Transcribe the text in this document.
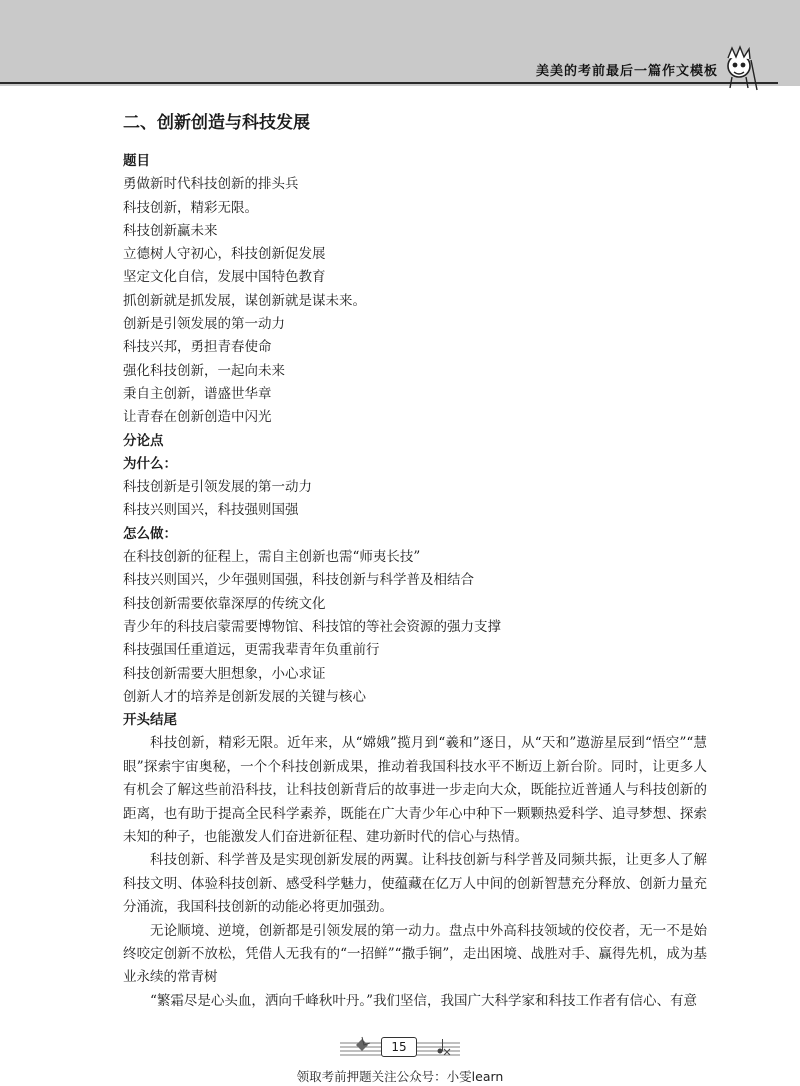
美美的考前最后一篇作文模板
二、创新创造与科技发展
题目
勇做新时代科技创新的排头兵
科技创新，精彩无限。
科技创新赢未来
立德树人守初心，科技创新促发展
坚定文化自信，发展中国特色教育
抓创新就是抓发展，谋创新就是谋未来。
创新是引领发展的第一动力
科技兴邦，勇担青春使命
强化科技创新，一起向未来
秉自主创新，谱盛世华章
让青春在创新创造中闪光
分论点
为什么：
科技创新是引领发展的第一动力
科技兴则国兴，科技强则国强
怎么做：
在科技创新的征程上，需自主创新也需“师夷长技”
科技兴则国兴，少年强则国强，科技创新与科学普及相结合
科技创新需要依靠深厚的传统文化
青少年的科技启蒙需要博物馆、科技馆的等社会资源的强力支撑
科技强国任重道远，更需我辈青年负重前行
科技创新需要大胆想象，小心求证
创新人才的培养是创新发展的关键与核心
开头结尾

科技创新，精彩无限。近年来，从“嫦娥”揽月到“羲和”逐日，从“天和”遨游星辰到“悟空”“慧眼”探索宇宙奥秘，一个个科技创新成果，推动着我国科技水平不断迈上新台阶。同时，让更多人有机会了解这些前沿科技，让科技创新背后的故事进一步走向大众，既能拉近普通人与科技创新的距离，也有助于提高全民科学素养，既能在广大青少年心中种下一颗颗热爱科学、追寻梦想、探索未知的种子，也能激发人们奋进新征程、建功新时代的信心与热情。

科技创新、科学普及是实现创新发展的两翼。让科技创新与科学普及同频共振，让更多人了解科技文明、体验科技创新、感受科学魅力，使蕴藏在亿万人中间的创新智慧充分释放、创新力量充分涌流，我国科技创新的动能必将更加强劲。

无论顺境、逆境，创新都是引领发展的第一动力。盘点中外高科技领域的佼佼者，无一不是始终咬定创新不放松，凭借人无我有的“一招鲜”“撒手锏”，走出困境、战胜对手、赢得先机，成为基业永续的常青树

“繁霜尽是心头血，洒向千峰秋叶丹。”我们坚信，我国广大科学家和科技工作者有信心、有意

15
领取考前押题关注公众号：小雯learn
